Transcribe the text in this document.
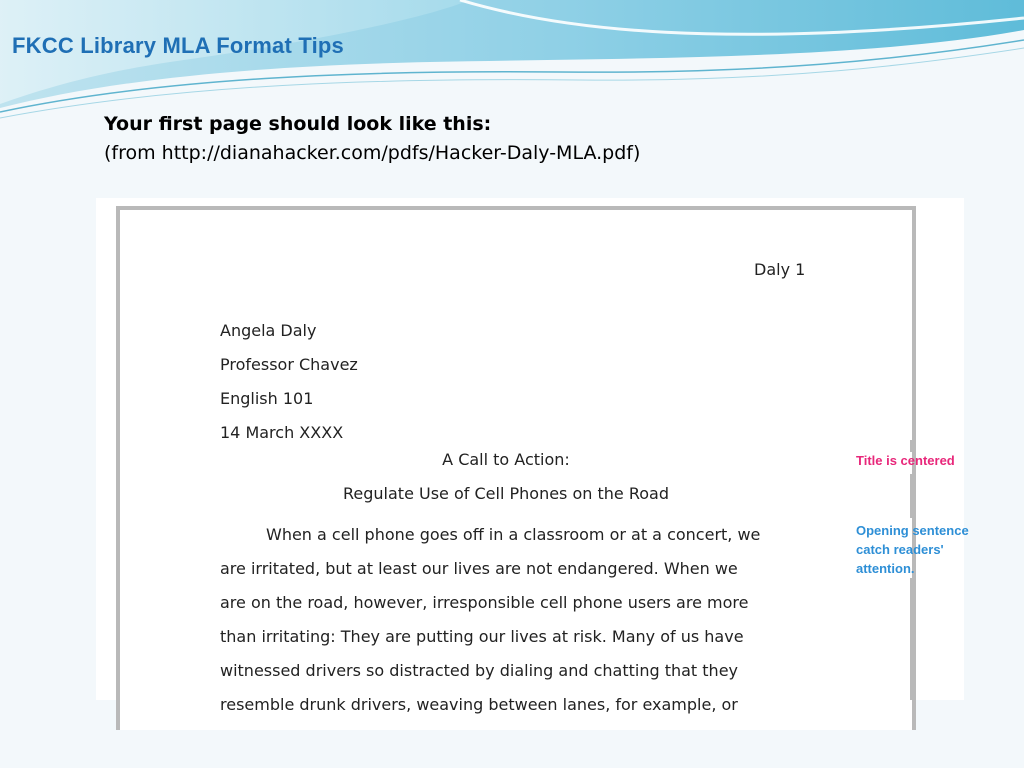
FKCC Library MLA Format Tips
Your first page should look like this:
(from http://dianahacker.com/pdfs/Hacker-Daly-MLA.pdf)
Daly 1
Angela Daly
Professor Chavez
English 101
14 March XXXX
A Call to Action:
Regulate Use of Cell Phones on the Road
When a cell phone goes off in a classroom or at a concert, we
are irritated, but at least our lives are not endangered. When we
are on the road, however, irresponsible cell phone users are more
than irritating: They are putting our lives at risk. Many of us have
witnessed drivers so distracted by dialing and chatting that they
resemble drunk drivers, weaving between lanes, for example, or
Title is centered
Opening sentence
catch readers'
attention.
